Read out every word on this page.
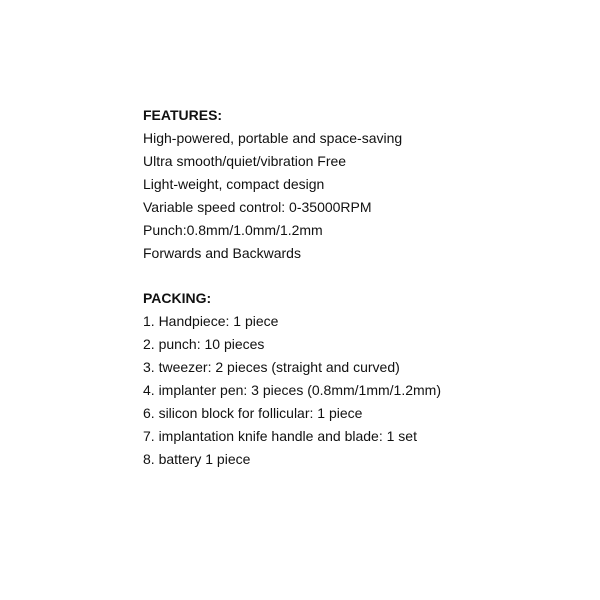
FEATURES:
High-powered, portable and space-saving
Ultra smooth/quiet/vibration Free
Light-weight, compact design
Variable speed control: 0-35000RPM
Punch:0.8mm/1.0mm/1.2mm
Forwards and Backwards
PACKING:
1. Handpiece: 1 piece
2. punch: 10 pieces
3. tweezer: 2 pieces (straight and curved)
4. implanter pen: 3 pieces (0.8mm/1mm/1.2mm)
6. silicon block for follicular: 1 piece
7. implantation knife handle and blade: 1 set
8. battery 1 piece
